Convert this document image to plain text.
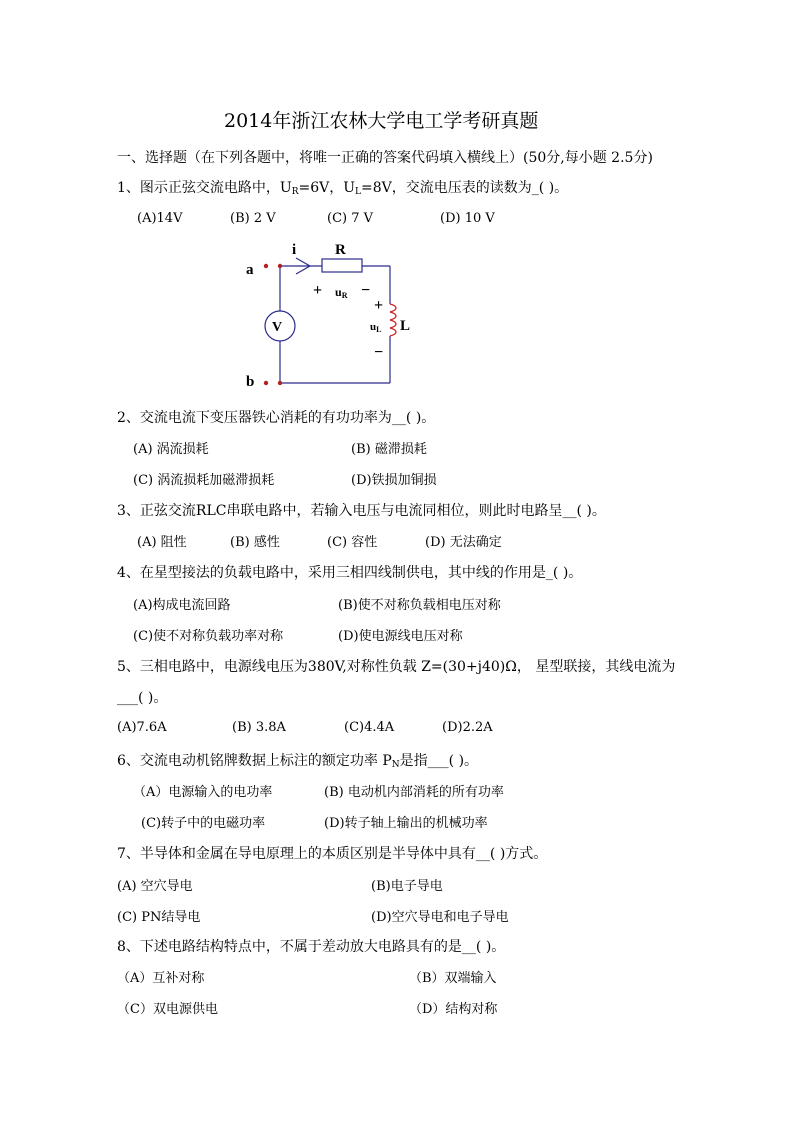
2014年浙江农林大学电工学考研真题
一、选择题（在下列各题中，将唯一正确的答案代码填入横线上）(50分,每小题 2.5分)
1、图示正弦交流电路中，$U_R=6V$，$U_L=8V$，交流电压表的读数为_( )。
(A)14V	(B) 2 V	(C) 7 V	(D) 10 V
a
b
i	R
V
+ uR −
+
uL L
−
2、交流电流下变压器铁心消耗的有功功率为__( )。
(A) 涡流损耗	(B) 磁滞损耗
(C) 涡流损耗加磁滞损耗	(D)铁损加铜损
3、正弦交流RLC串联电路中，若输入电压与电流同相位，则此时电路呈__( )。
(A) 阻性	(B) 感性	(C) 容性	(D) 无法确定
4、在星型接法的负载电路中，采用三相四线制供电，其中线的作用是_( )。
(A)构成电流回路	(B)使不对称负载相电压对称
(C)使不对称负载功率对称	(D)使电源线电压对称
5、三相电路中，电源线电压为380V,对称性负载 Z=(30+j40)Ω， 星型联接，其线电流为
___( )。
(A)7.6A	(B) 3.8A	(C)4.4A	(D)2.2A
6、交流电动机铭牌数据上标注的额定功率 $P_N$是指___( )。
（A）电源输入的电功率	(B) 电动机内部消耗的所有功率
(C)转子中的电磁功率	(D)转子轴上输出的机械功率
7、半导体和金属在导电原理上的本质区别是半导体中具有__( )方式。
(A) 空穴导电	(B)电子导电
(C) PN结导电	(D)空穴导电和电子导电
8、下述电路结构特点中，不属于差动放大电路具有的是__( )。
（A）互补对称	（B）双端输入
（C）双电源供电	（D）结构对称
